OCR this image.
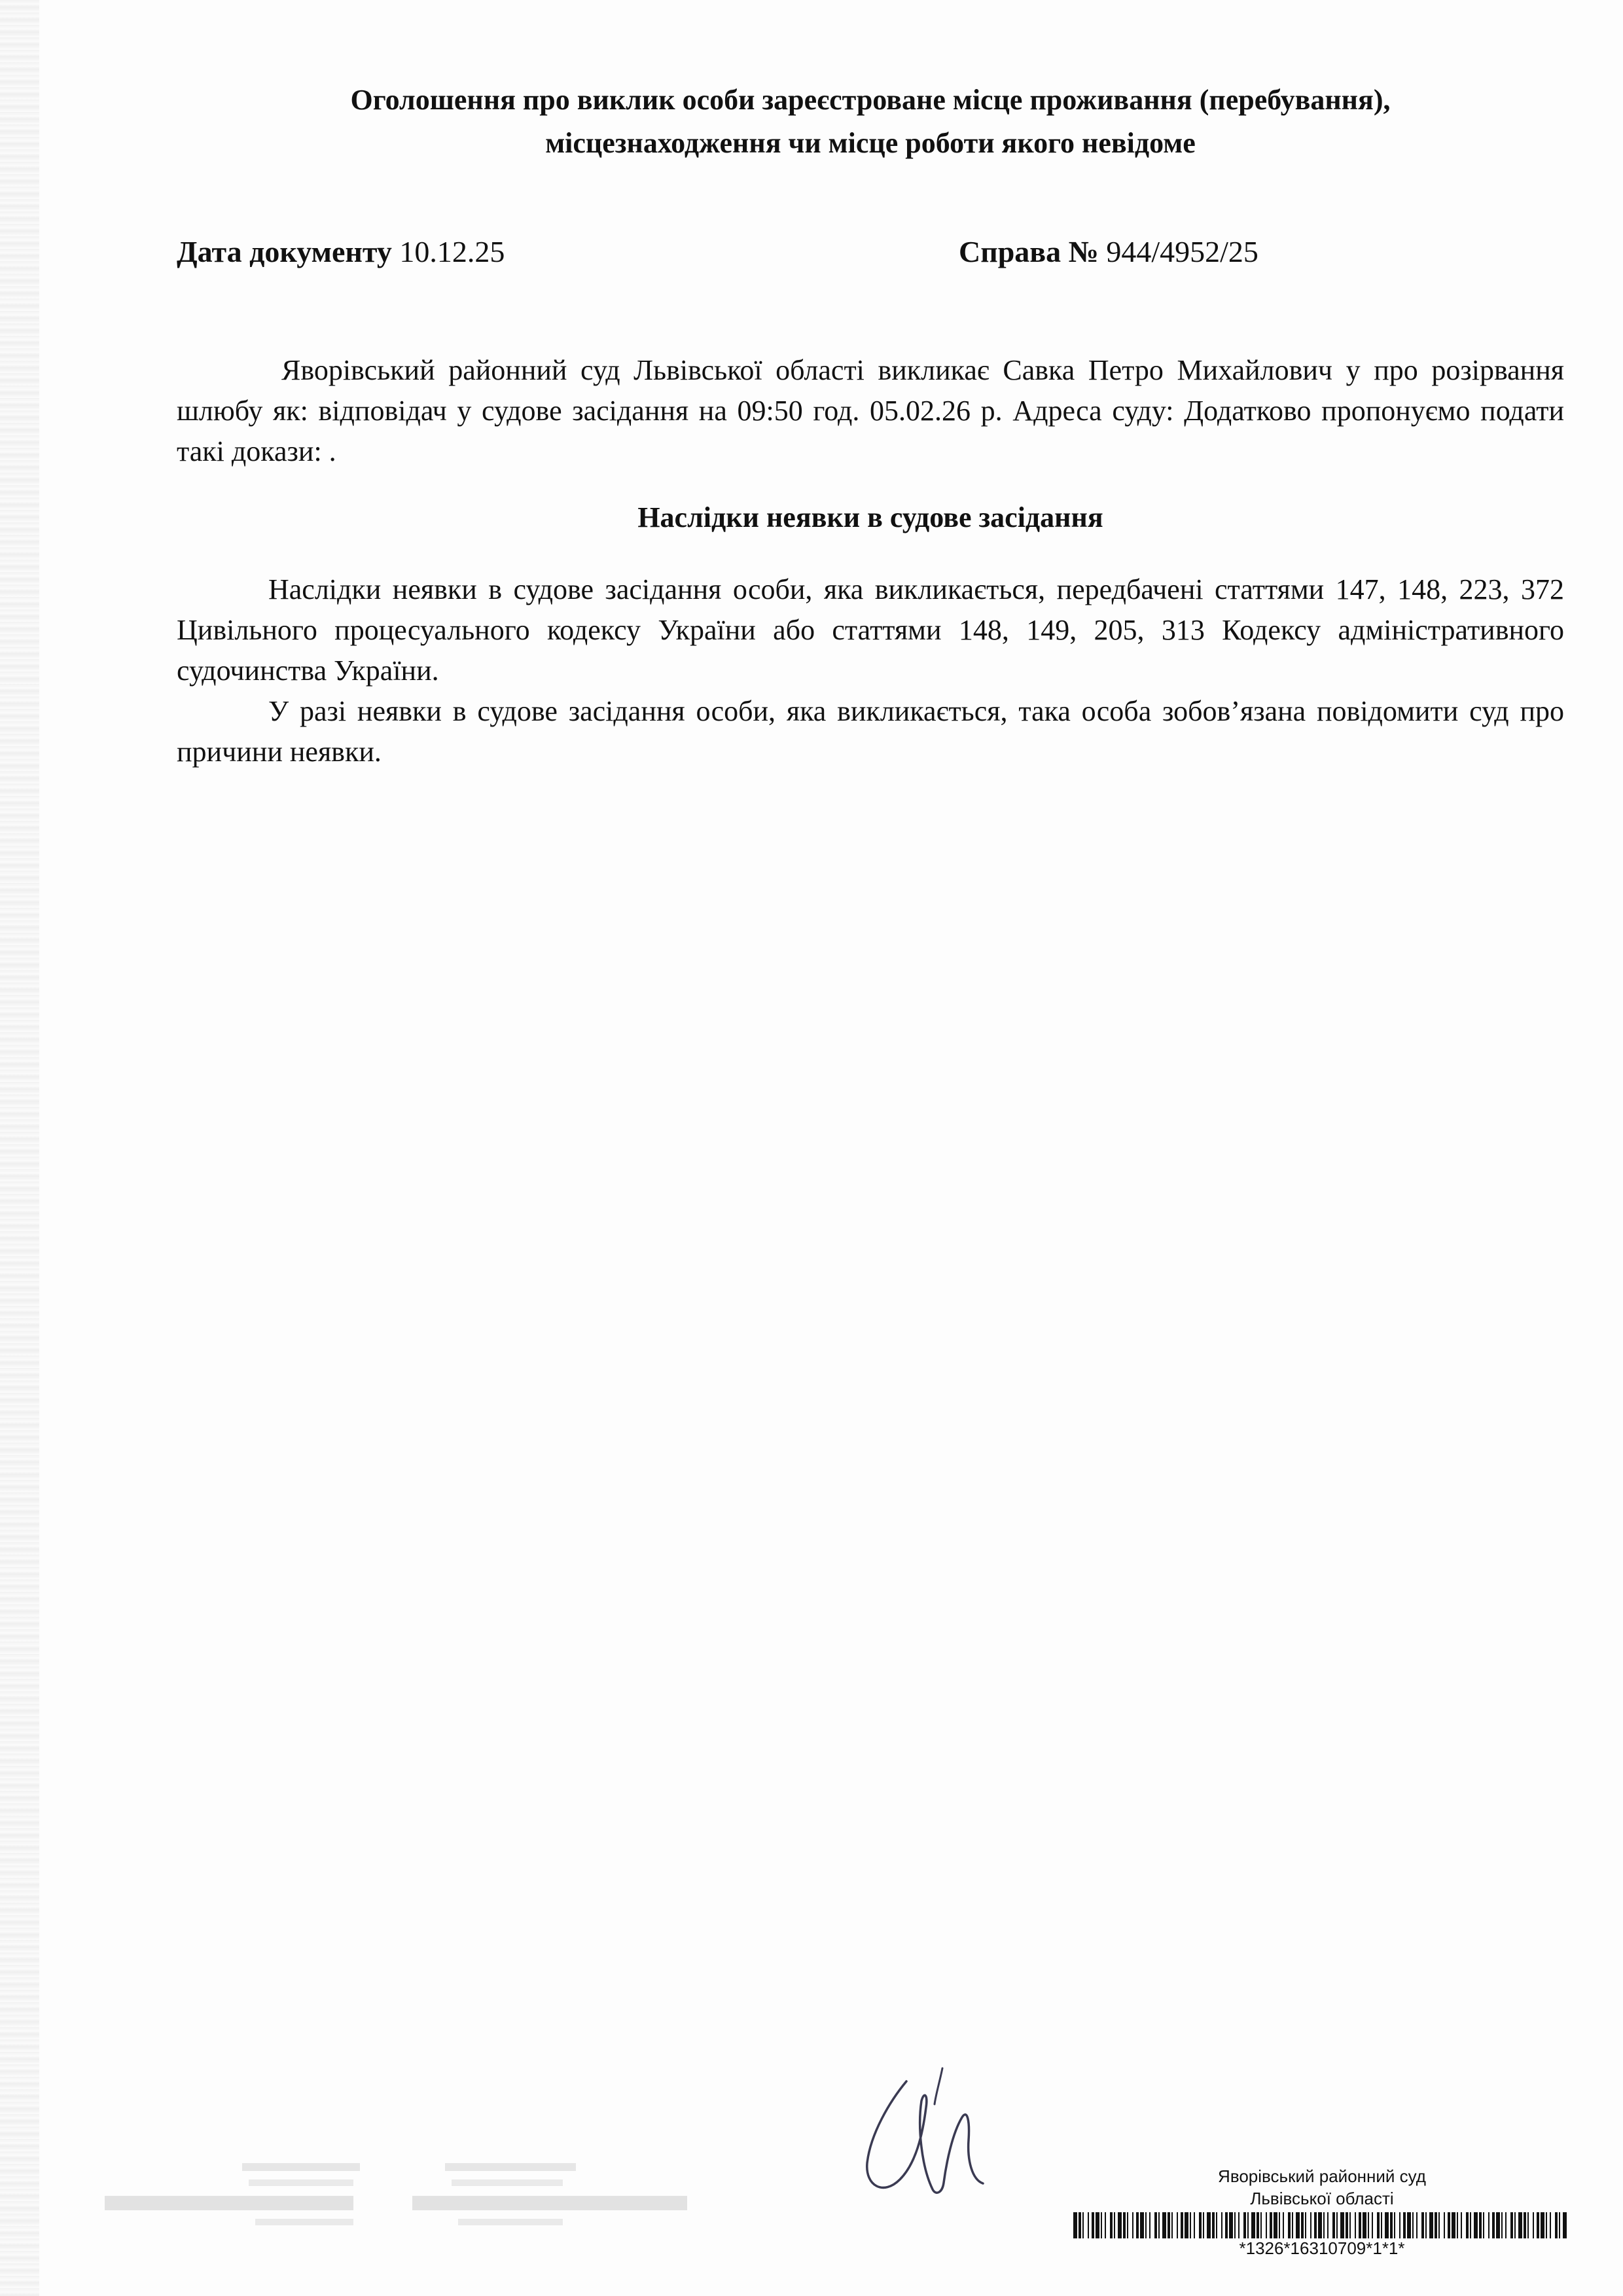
Оголошення про виклик особи зареєстроване місце проживання (перебування),
місцезнаходження чи місце роботи якого невідоме
Дата документу 10.12.25	Справа № 944/4952/25
Яворівський районний суд Львівської області викликає Савка Петро Михайлович у про розірвання шлюбу як: відповідач у судове засідання на 09:50 год. 05.02.26 р. Адреса суду: Додатково пропонуємо подати такі докази: .
Наслідки неявки в судове засідання

Наслідки неявки в судове засідання особи, яка викликається, передбачені статтями 147, 148, 223, 372 Цивільного процесуального кодексу України або статтями 148, 149, 205, 313 Кодексу адміністративного судочинства України.

У разі неявки в судове засідання особи, яка викликається, така особа зобов’язана повідомити суд про причини неявки.

Яворівський районний суд
Львівської області
*1326*16310709*1*1*
